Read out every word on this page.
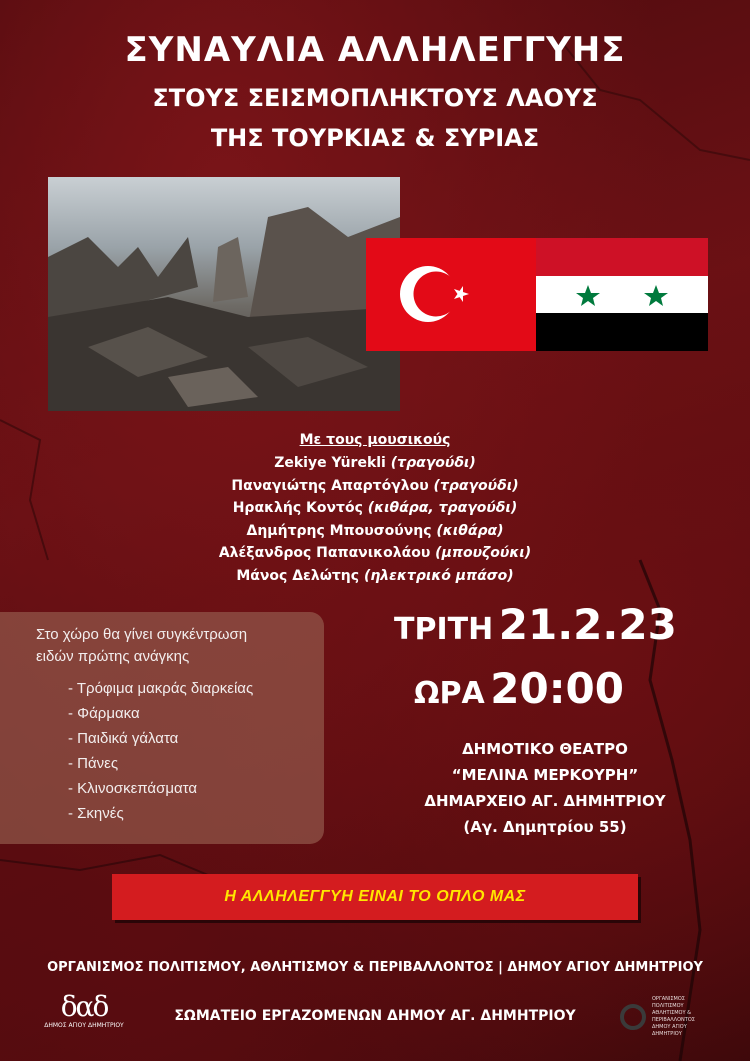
ΣΥΝΑΥΛΙΑ ΑΛΛΗΛΕΓΓΥΗΣ
ΣΤΟΥΣ ΣΕΙΣΜΟΠΛΗΚΤΟΥΣ ΛΑΟΥΣ
ΤΗΣ ΤΟΥΡΚΙΑΣ & ΣΥΡΙΑΣ
Με τους μουσικούς
Zekiye Yürekli (τραγούδι)
Παναγιώτης Απαρτόγλου (τραγούδι)
Ηρακλής Κοντός (κιθάρα, τραγούδι)
Δημήτρης Μπουσούνης (κιθάρα)
Αλέξανδρος Παπανικολάου (μπουζούκι)
Μάνος Δελώτης (ηλεκτρικό μπάσο)
Στο χώρο θα γίνει συγκέντρωση
ειδών πρώτης ανάγκης
- Τρόφιμα μακράς διαρκείας
- Φάρμακα
- Παιδικά γάλατα
- Πάνες
- Κλινοσκεπάσματα
- Σκηνές
ΤΡΙΤΗ 21.2.23
ΩΡΑ 20:00
ΔΗΜΟΤΙΚΟ ΘΕΑΤΡΟ
“ΜΕΛΙΝΑ ΜΕΡΚΟΥΡΗ”
ΔΗΜΑΡΧΕΙΟ ΑΓ. ΔΗΜΗΤΡΙΟΥ
(Αγ. Δημητρίου 55)
Η ΑΛΛΗΛΕΓΓΥΗ ΕΙΝΑΙ ΤΟ ΟΠΛΟ ΜΑΣ
ΟΡΓΑΝΙΣΜΟΣ ΠΟΛΙΤΙΣΜΟΥ, ΑΘΛΗΤΙΣΜΟΥ & ΠΕΡΙΒΑΛΛΟΝΤΟΣ | ΔΗΜΟΥ ΑΓΙΟΥ ΔΗΜΗΤΡΙΟΥ
ΣΩΜΑΤΕΙΟ ΕΡΓΑΖΟΜΕΝΩΝ ΔΗΜΟΥ ΑΓ. ΔΗΜΗΤΡΙΟΥ
δαδ
ΔΗΜΟΣ ΑΓΙΟΥ ΔΗΜΗΤΡΙΟΥ
ΟΡΓΑΝΙΣΜΟΣ
ΠΟΛΙΤΙΣΜΟΥ
ΑΘΛΗΤΙΣΜΟΥ &
ΠΕΡΙΒΑΛΛΟΝΤΟΣ
ΔΗΜΟΥ ΑΓΙΟΥ
ΔΗΜΗΤΡΙΟΥ
